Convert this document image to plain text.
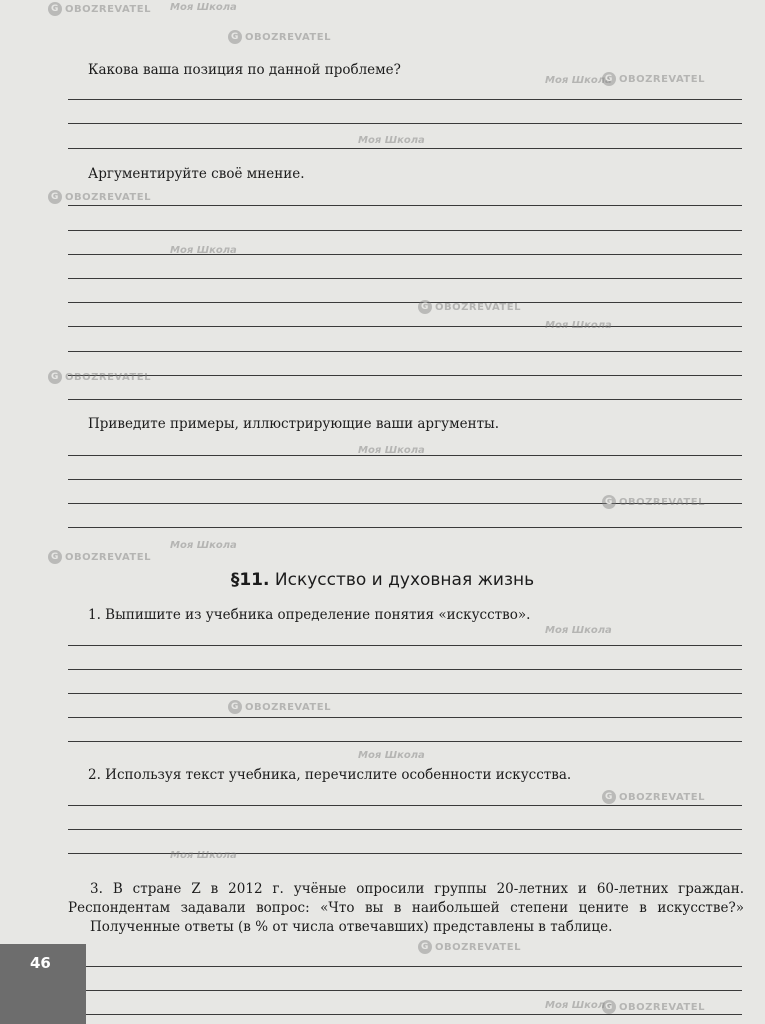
Какова ваша позиция по данной проблеме?
Аргументируйте своё мнение.
Приведите примеры, иллюстрирующие ваши аргументы.
§11. Искусство и духовная жизнь
1. Выпишите из учебника определение понятия «искусство».
2. Используя текст учебника, перечислите особенности искусства.
3. В стране Z в 2012 г. учёные опросили группы 20-летних и 60-летних граждан.
Респондентам задавали вопрос: «Что вы в наибольшей степени цените в искусстве?»
Полученные ответы (в % от числа отвечавших) представлены в таблице.
46
Моя Школа
G OBOZREVATEL
G OBOZREVATEL
Моя Школа G OBOZREVATEL
Моя Школа
G OBOZREVATEL
Моя Школа
G OBOZREVATEL
Моя Школа
G OBOZREVATEL
Моя Школа
G OBOZREVATEL
Моя Школа
G OBOZREVATEL
Моя Школа
G OBOZREVATEL
Моя Школа
G OBOZREVATEL
Моя Школа
G OBOZREVATEL
Моя Школа G OBOZREVATEL
